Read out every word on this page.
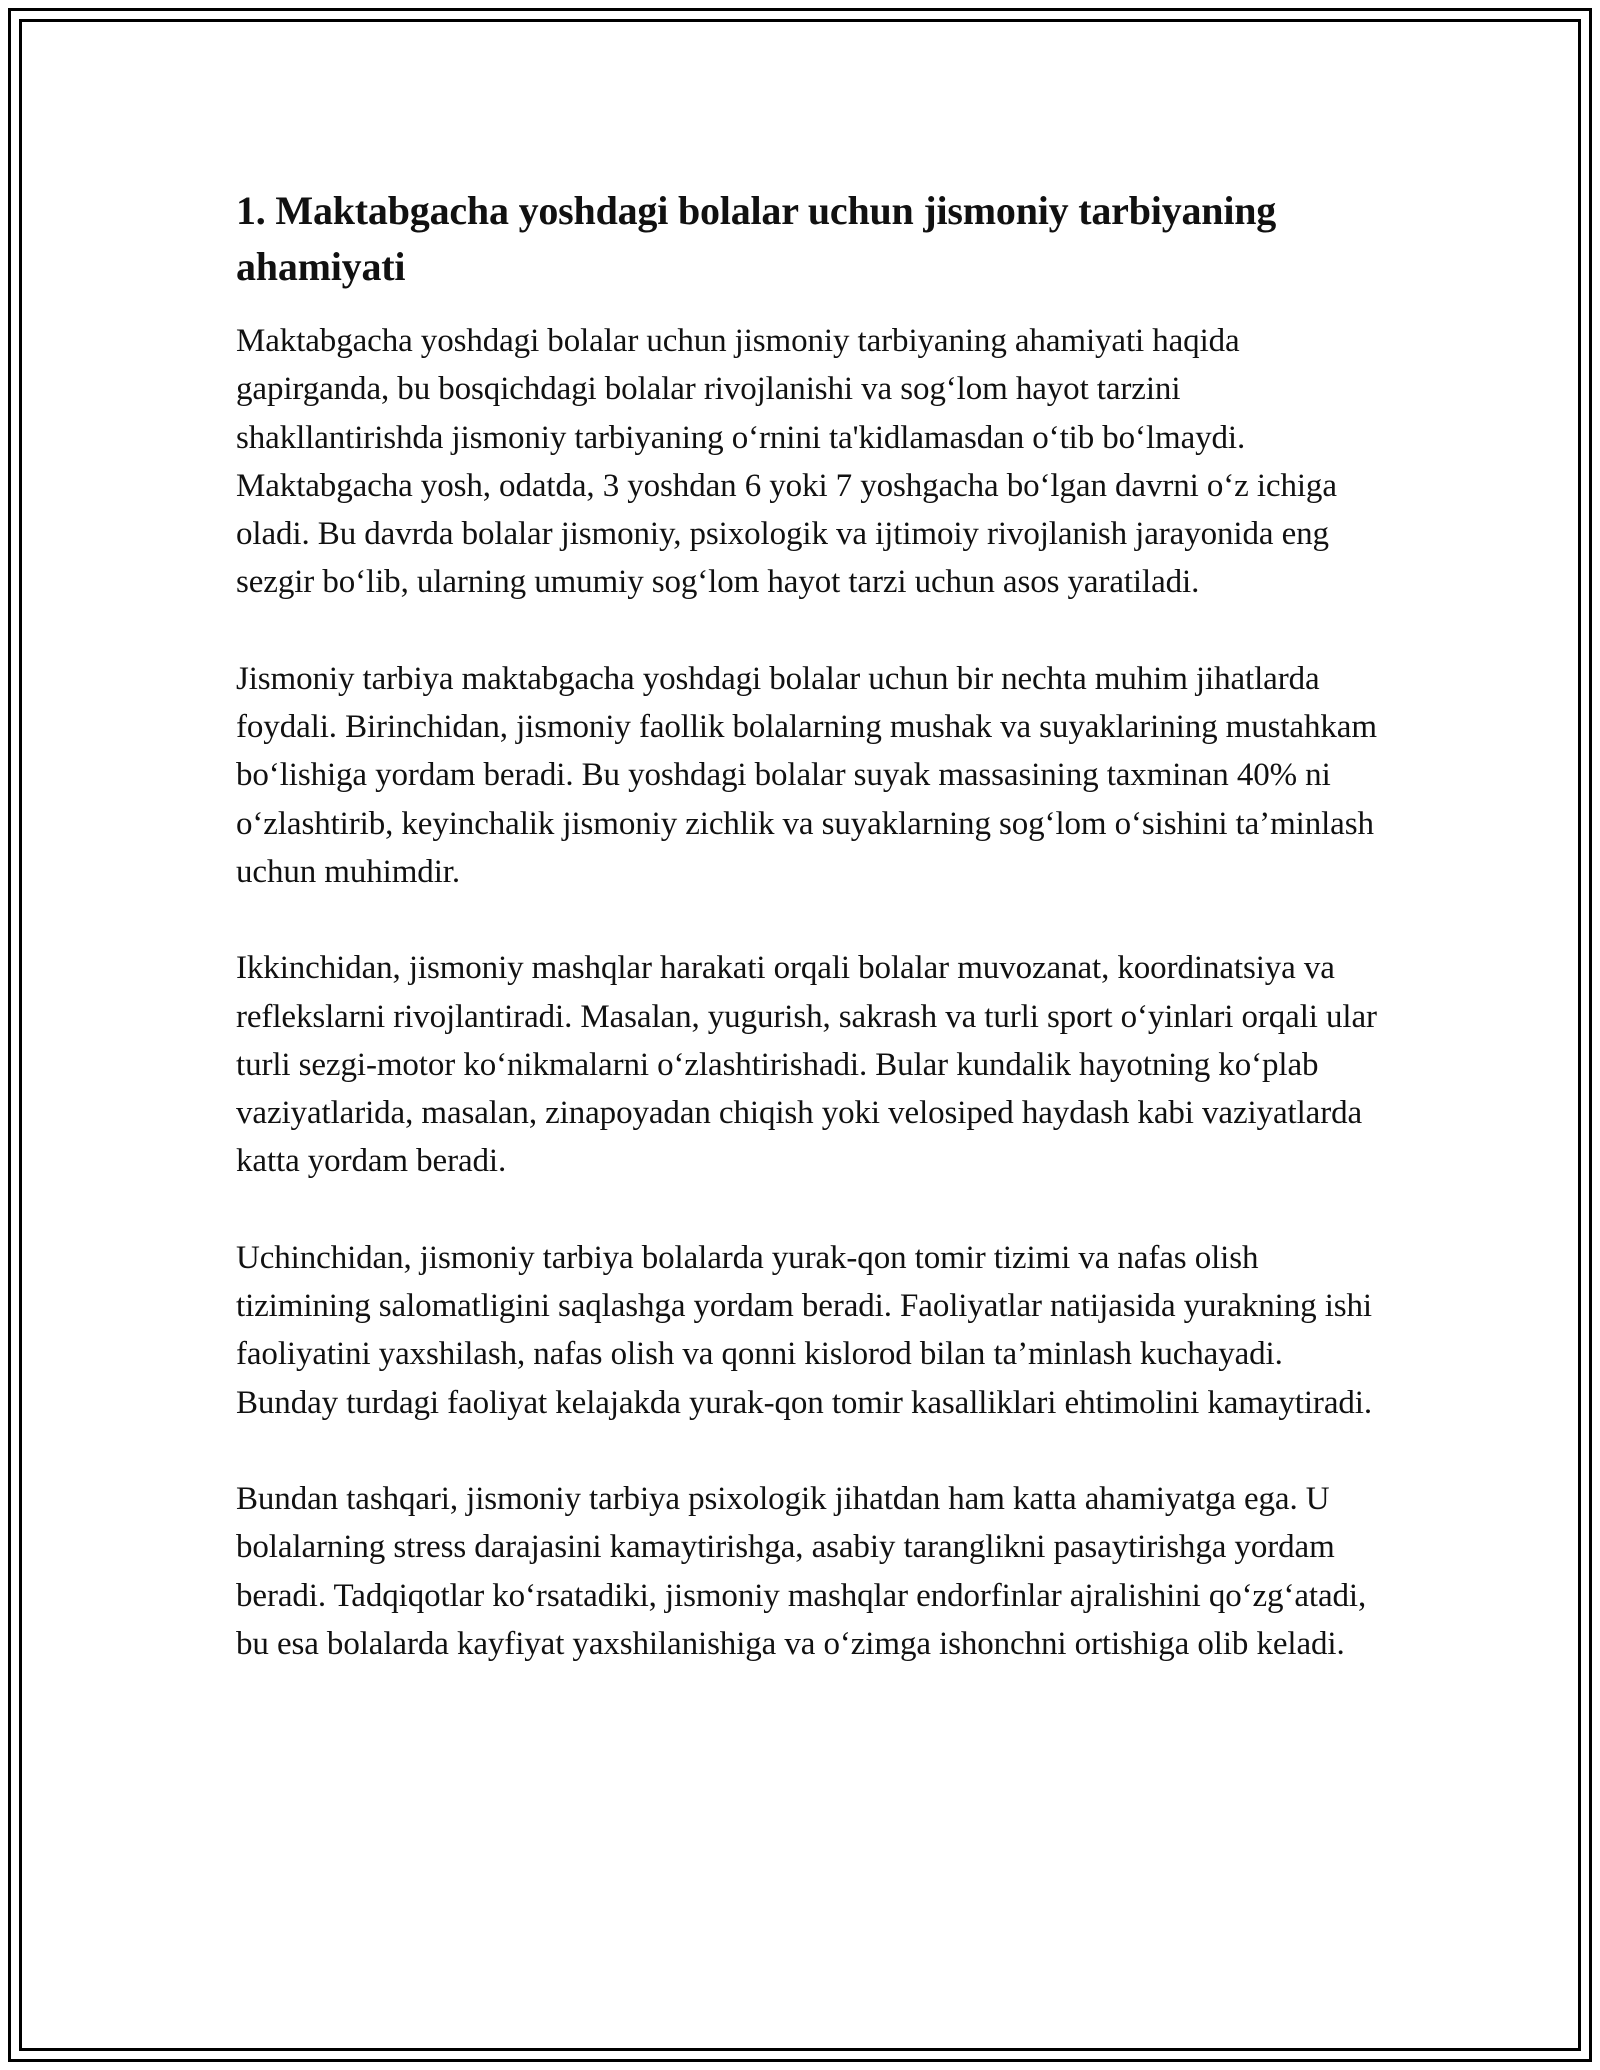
1. Maktabgacha yoshdagi bolalar uchun jismoniy tarbiyaning ahamiyati

Maktabgacha yoshdagi bolalar uchun jismoniy tarbiyaning ahamiyati haqida gapirganda, bu bosqichdagi bolalar rivojlanishi va sog‘lom hayot tarzini shakllantirishda jismoniy tarbiyaning o‘rnini ta'kidlamasdan o‘tib bo‘lmaydi. Maktabgacha yosh, odatda, 3 yoshdan 6 yoki 7 yoshgacha bo‘lgan davrni o‘z ichiga oladi. Bu davrda bolalar jismoniy, psixologik va ijtimoiy rivojlanish jarayonida eng sezgir bo‘lib, ularning umumiy sog‘lom hayot tarzi uchun asos yaratiladi.

Jismoniy tarbiya maktabgacha yoshdagi bolalar uchun bir nechta muhim jihatlarda foydali. Birinchidan, jismoniy faollik bolalarning mushak va suyaklarining mustahkam bo‘lishiga yordam beradi. Bu yoshdagi bolalar suyak massasining taxminan 40% ni o‘zlashtirib, keyinchalik jismoniy zichlik va suyaklarning sog‘lom o‘sishini ta’minlash uchun muhimdir.

Ikkinchidan, jismoniy mashqlar harakati orqali bolalar muvozanat, koordinatsiya va reflekslarni rivojlantiradi. Masalan, yugurish, sakrash va turli sport o‘yinlari orqali ular turli sezgi-motor ko‘nikmalarni o‘zlashtirishadi. Bular kundalik hayotning ko‘plab vaziyatlarida, masalan, zinapoyadan chiqish yoki velosiped haydash kabi vaziyatlarda katta yordam beradi.

Uchinchidan, jismoniy tarbiya bolalarda yurak-qon tomir tizimi va nafas olish tizimining salomatligini saqlashga yordam beradi. Faoliyatlar natijasida yurakning ishi faoliyatini yaxshilash, nafas olish va qonni kislorod bilan ta’minlash kuchayadi. Bunday turdagi faoliyat kelajakda yurak-qon tomir kasalliklari ehtimolini kamaytiradi.

Bundan tashqari, jismoniy tarbiya psixologik jihatdan ham katta ahamiyatga ega. U bolalarning stress darajasini kamaytirishga, asabiy taranglikni pasaytirishga yordam beradi. Tadqiqotlar ko‘rsatadiki, jismoniy mashqlar endorfinlar ajralishini qo‘zg‘atadi, bu esa bolalarda kayfiyat yaxshilanishiga va o‘zimga ishonchni ortishiga olib keladi.
